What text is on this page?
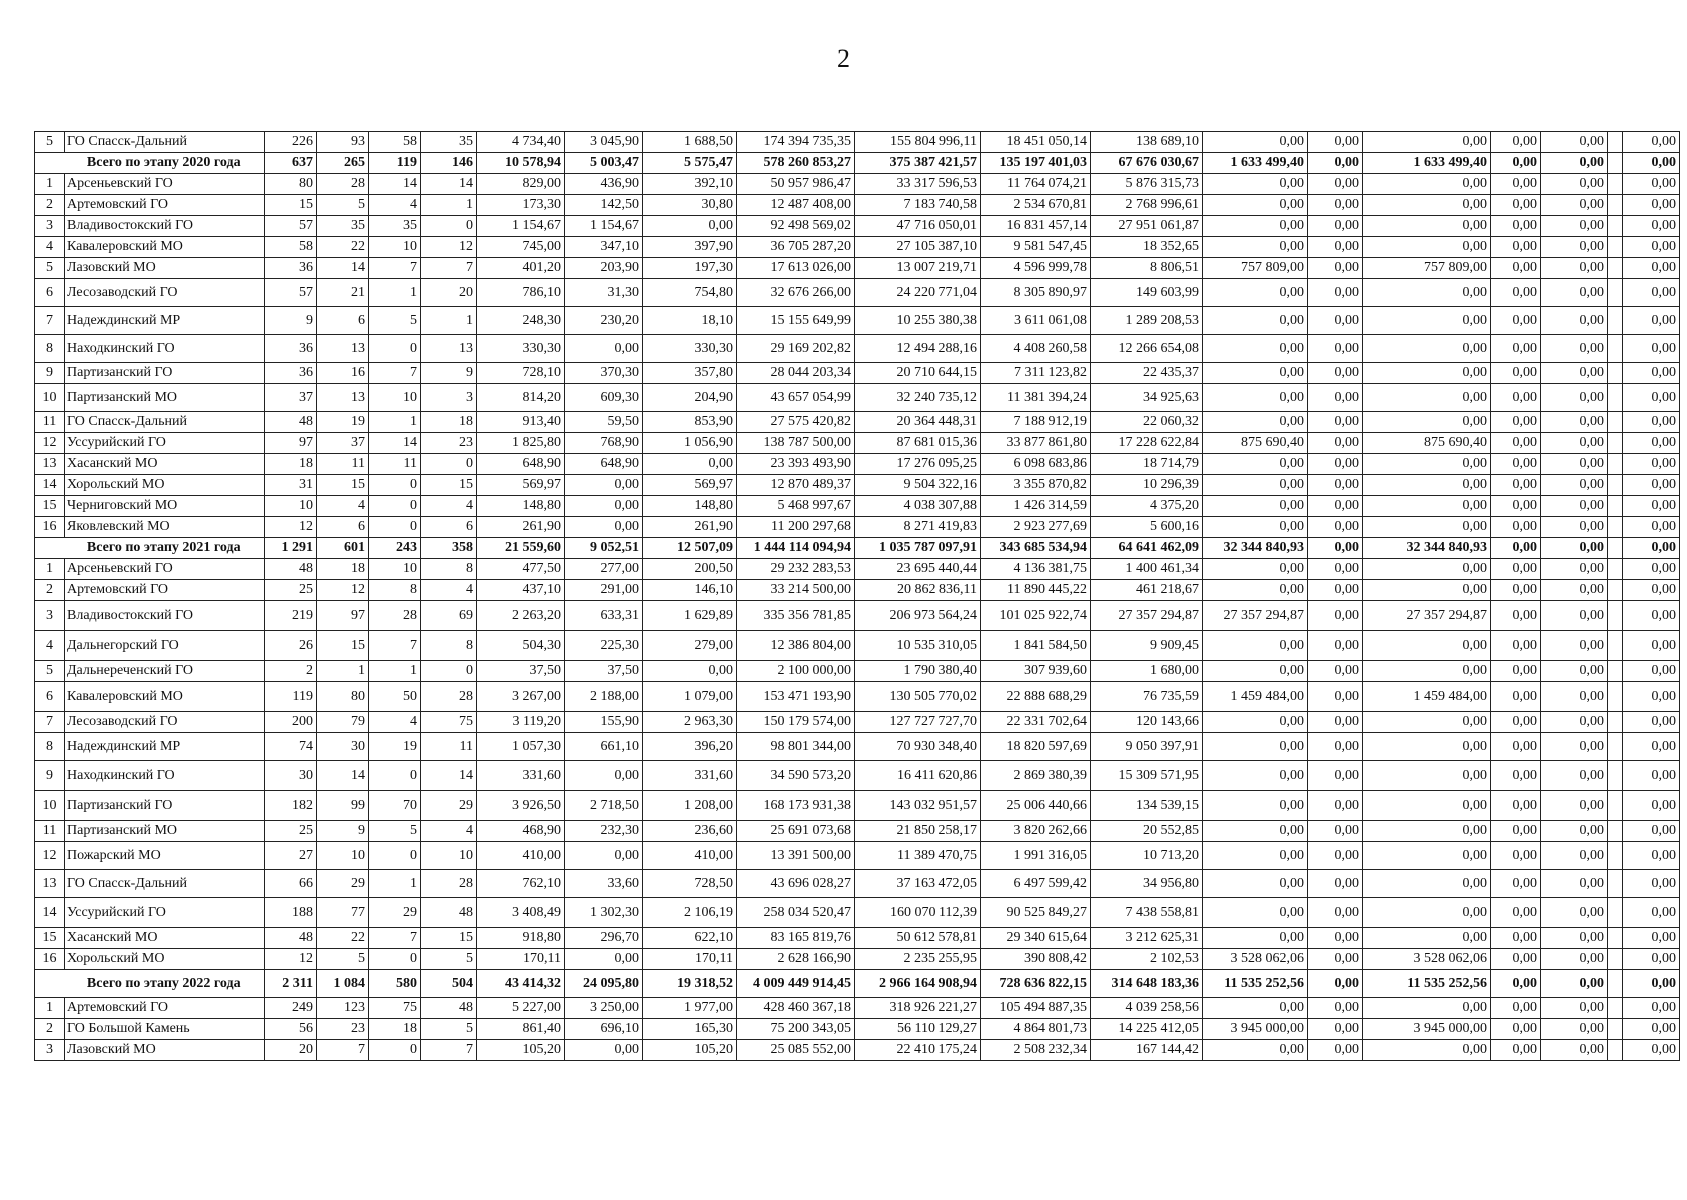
2
5	ГО Спасск-Дальний	226	93	58	35	4 734,40	3 045,90	1 688,50	174 394 735,35	155 804 996,11	18 451 050,14	138 689,10	0,00	0,00	0,00	0,00	0,00		0,00
	Всего по этапу 2020 года	637	265	119	146	10 578,94	5 003,47	5 575,47	578 260 853,27	375 387 421,57	135 197 401,03	67 676 030,67	1 633 499,40	0,00	1 633 499,40	0,00	0,00		0,00
1	Арсеньевский ГО	80	28	14	14	829,00	436,90	392,10	50 957 986,47	33 317 596,53	11 764 074,21	5 876 315,73	0,00	0,00	0,00	0,00	0,00		0,00
2	Артемовский ГО	15	5	4	1	173,30	142,50	30,80	12 487 408,00	7 183 740,58	2 534 670,81	2 768 996,61	0,00	0,00	0,00	0,00	0,00		0,00
3	Владивостокский ГО	57	35	35	0	1 154,67	1 154,67	0,00	92 498 569,02	47 716 050,01	16 831 457,14	27 951 061,87	0,00	0,00	0,00	0,00	0,00		0,00
4	Кавалеровский МО	58	22	10	12	745,00	347,10	397,90	36 705 287,20	27 105 387,10	9 581 547,45	18 352,65	0,00	0,00	0,00	0,00	0,00		0,00
5	Лазовский МО	36	14	7	7	401,20	203,90	197,30	17 613 026,00	13 007 219,71	4 596 999,78	8 806,51	757 809,00	0,00	757 809,00	0,00	0,00		0,00
6	Лесозаводский ГО	57	21	1	20	786,10	31,30	754,80	32 676 266,00	24 220 771,04	8 305 890,97	149 603,99	0,00	0,00	0,00	0,00	0,00		0,00
7	Надеждинский МР	9	6	5	1	248,30	230,20	18,10	15 155 649,99	10 255 380,38	3 611 061,08	1 289 208,53	0,00	0,00	0,00	0,00	0,00		0,00
8	Находкинский ГО	36	13	0	13	330,30	0,00	330,30	29 169 202,82	12 494 288,16	4 408 260,58	12 266 654,08	0,00	0,00	0,00	0,00	0,00		0,00
9	Партизанский ГО	36	16	7	9	728,10	370,30	357,80	28 044 203,34	20 710 644,15	7 311 123,82	22 435,37	0,00	0,00	0,00	0,00	0,00		0,00
10	Партизанский МО	37	13	10	3	814,20	609,30	204,90	43 657 054,99	32 240 735,12	11 381 394,24	34 925,63	0,00	0,00	0,00	0,00	0,00		0,00
11	ГО Спасск-Дальний	48	19	1	18	913,40	59,50	853,90	27 575 420,82	20 364 448,31	7 188 912,19	22 060,32	0,00	0,00	0,00	0,00	0,00		0,00
12	Уссурийский ГО	97	37	14	23	1 825,80	768,90	1 056,90	138 787 500,00	87 681 015,36	33 877 861,80	17 228 622,84	875 690,40	0,00	875 690,40	0,00	0,00		0,00
13	Хасанский МО	18	11	11	0	648,90	648,90	0,00	23 393 493,90	17 276 095,25	6 098 683,86	18 714,79	0,00	0,00	0,00	0,00	0,00		0,00
14	Хорольский МО	31	15	0	15	569,97	0,00	569,97	12 870 489,37	9 504 322,16	3 355 870,82	10 296,39	0,00	0,00	0,00	0,00	0,00		0,00
15	Черниговский МО	10	4	0	4	148,80	0,00	148,80	5 468 997,67	4 038 307,88	1 426 314,59	4 375,20	0,00	0,00	0,00	0,00	0,00		0,00
16	Яковлевский МО	12	6	0	6	261,90	0,00	261,90	11 200 297,68	8 271 419,83	2 923 277,69	5 600,16	0,00	0,00	0,00	0,00	0,00		0,00
	Всего по этапу 2021 года	1 291	601	243	358	21 559,60	9 052,51	12 507,09	1 444 114 094,94	1 035 787 097,91	343 685 534,94	64 641 462,09	32 344 840,93	0,00	32 344 840,93	0,00	0,00		0,00
1	Арсеньевский ГО	48	18	10	8	477,50	277,00	200,50	29 232 283,53	23 695 440,44	4 136 381,75	1 400 461,34	0,00	0,00	0,00	0,00	0,00		0,00
2	Артемовский ГО	25	12	8	4	437,10	291,00	146,10	33 214 500,00	20 862 836,11	11 890 445,22	461 218,67	0,00	0,00	0,00	0,00	0,00		0,00
3	Владивостокский ГО	219	97	28	69	2 263,20	633,31	1 629,89	335 356 781,85	206 973 564,24	101 025 922,74	27 357 294,87	27 357 294,87	0,00	27 357 294,87	0,00	0,00		0,00
4	Дальнегорский ГО	26	15	7	8	504,30	225,30	279,00	12 386 804,00	10 535 310,05	1 841 584,50	9 909,45	0,00	0,00	0,00	0,00	0,00		0,00
5	Дальнереченский ГО	2	1	1	0	37,50	37,50	0,00	2 100 000,00	1 790 380,40	307 939,60	1 680,00	0,00	0,00	0,00	0,00	0,00		0,00
6	Кавалеровский МО	119	80	50	28	3 267,00	2 188,00	1 079,00	153 471 193,90	130 505 770,02	22 888 688,29	76 735,59	1 459 484,00	0,00	1 459 484,00	0,00	0,00		0,00
7	Лесозаводский ГО	200	79	4	75	3 119,20	155,90	2 963,30	150 179 574,00	127 727 727,70	22 331 702,64	120 143,66	0,00	0,00	0,00	0,00	0,00		0,00
8	Надеждинский МР	74	30	19	11	1 057,30	661,10	396,20	98 801 344,00	70 930 348,40	18 820 597,69	9 050 397,91	0,00	0,00	0,00	0,00	0,00		0,00
9	Находкинский ГО	30	14	0	14	331,60	0,00	331,60	34 590 573,20	16 411 620,86	2 869 380,39	15 309 571,95	0,00	0,00	0,00	0,00	0,00		0,00
10	Партизанский ГО	182	99	70	29	3 926,50	2 718,50	1 208,00	168 173 931,38	143 032 951,57	25 006 440,66	134 539,15	0,00	0,00	0,00	0,00	0,00		0,00
11	Партизанский МО	25	9	5	4	468,90	232,30	236,60	25 691 073,68	21 850 258,17	3 820 262,66	20 552,85	0,00	0,00	0,00	0,00	0,00		0,00
12	Пожарский МО	27	10	0	10	410,00	0,00	410,00	13 391 500,00	11 389 470,75	1 991 316,05	10 713,20	0,00	0,00	0,00	0,00	0,00		0,00
13	ГО Спасск-Дальний	66	29	1	28	762,10	33,60	728,50	43 696 028,27	37 163 472,05	6 497 599,42	34 956,80	0,00	0,00	0,00	0,00	0,00		0,00
14	Уссурийский ГО	188	77	29	48	3 408,49	1 302,30	2 106,19	258 034 520,47	160 070 112,39	90 525 849,27	7 438 558,81	0,00	0,00	0,00	0,00	0,00		0,00
15	Хасанский МО	48	22	7	15	918,80	296,70	622,10	83 165 819,76	50 612 578,81	29 340 615,64	3 212 625,31	0,00	0,00	0,00	0,00	0,00		0,00
16	Хорольский МО	12	5	0	5	170,11	0,00	170,11	2 628 166,90	2 235 255,95	390 808,42	2 102,53	3 528 062,06	0,00	3 528 062,06	0,00	0,00		0,00
	Всего по этапу 2022 года	2 311	1 084	580	504	43 414,32	24 095,80	19 318,52	4 009 449 914,45	2 966 164 908,94	728 636 822,15	314 648 183,36	11 535 252,56	0,00	11 535 252,56	0,00	0,00		0,00
1	Артемовский ГО	249	123	75	48	5 227,00	3 250,00	1 977,00	428 460 367,18	318 926 221,27	105 494 887,35	4 039 258,56	0,00	0,00	0,00	0,00	0,00		0,00
2	ГО Большой Камень	56	23	18	5	861,40	696,10	165,30	75 200 343,05	56 110 129,27	4 864 801,73	14 225 412,05	3 945 000,00	0,00	3 945 000,00	0,00	0,00		0,00
3	Лазовский МО	20	7	0	7	105,20	0,00	105,20	25 085 552,00	22 410 175,24	2 508 232,34	167 144,42	0,00	0,00	0,00	0,00	0,00		0,00
